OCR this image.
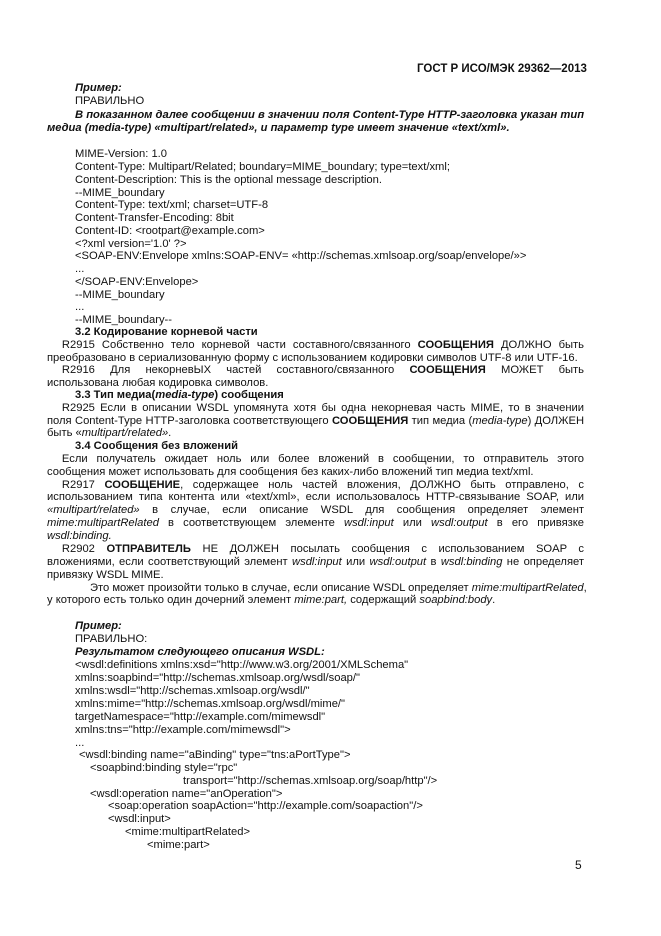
ГОСТ Р ИСО/МЭК 29362—2013
Пример:
ПРАВИЛЬНО
В показанном далее сообщении в значении поля Content-Type HTTP-заголовка указан тип
медиа (media-type) «multipart/related», и параметр type имеет значение «text/xml».
MIME-Version: 1.0
Content-Type: Multipart/Related; boundary=MIME_boundary; type=text/xml;
Content-Description: This is the optional message description.
--MIME_boundary
Content-Type: text/xml; charset=UTF-8
Content-Transfer-Encoding: 8bit
Content-ID: <rootpart@example.com>
<?xml version='1.0' ?>
<SOAP-ENV:Envelope xmlns:SOAP-ENV= «http://schemas.xmlsoap.org/soap/envelope/»>
...
</SOAP-ENV:Envelope>
--MIME_boundary
...
--MIME_boundary--
3.2 Кодирование корневой части
  R2915 Собственно тело корневой части составного/связанного СООБЩЕНИЯ ДОЛЖНО быть
преобразовано в сериализованную форму с использованием кодировки символов UTF-8 или UTF-16.
  R2916 Для некорневЫХ частей составного/связанного СООБЩЕНИЯ МОЖЕТ быть
использована любая кодировка символов.
3.3 Тип медиа(media-type) сообщения
  R2925 Если в описании WSDL упомянута хотя бы одна некорневая часть MIME, то в значении
поля Content-Type HTTP-заголовка соответствующего СООБЩЕНИЯ тип медиа (media-type) ДОЛЖЕН
быть «multipart/related».
3.4 Сообщения без вложений
  Если получатель ожидает ноль или более вложений в сообщении, то отправитель этого
сообщения может использовать для сообщения без каких-либо вложений тип медиа text/xml.
  R2917 СООБЩЕНИЕ, содержащее ноль частей вложения, ДОЛЖНО быть отправлено, с
использованием типа контента или «text/xml», если использовалось HTTP-связывание SOAP, или
«multipart/related» в случае, если описание WSDL для сообщения определяет элемент
mime:multipartRelated в соответствующем элементе wsdl:input или wsdl:output в его привязке
wsdl:binding.
  R2902 ОТПРАВИТЕЛЬ НЕ ДОЛЖЕН посылать сообщения с использованием SOAP с
вложениями, если соответствующий элемент wsdl:input или wsdl:output в wsdl:binding не определяет
привязку WSDL MIME.
Это может произойти только в случае, если описание WSDL определяет mime:multipartRelated,
у которого есть только один дочерний элемент mime:part, содержащий soapbind:body.
Пример:
ПРАВИЛЬНО:
Результатом следующего описания WSDL:
<wsdl:definitions xmlns:xsd="http://www.w3.org/2001/XMLSchema"
xmlns:soapbind="http://schemas.xmlsoap.org/wsdl/soap/"
xmlns:wsdl="http://schemas.xmlsoap.org/wsdl/"
xmlns:mime="http://schemas.xmlsoap.org/wsdl/mime/"
targetNamespace="http://example.com/mimewsdl"
xmlns:tns="http://example.com/mimewsdl">
...
<wsdl:binding name="aBinding" type="tns:aPortType">
<soapbind:binding style="rpc"
transport="http://schemas.xmlsoap.org/soap/http"/>
<wsdl:operation name="anOperation">
<soap:operation soapAction="http://example.com/soapaction"/>
<wsdl:input>
<mime:multipartRelated>
<mime:part>
5
